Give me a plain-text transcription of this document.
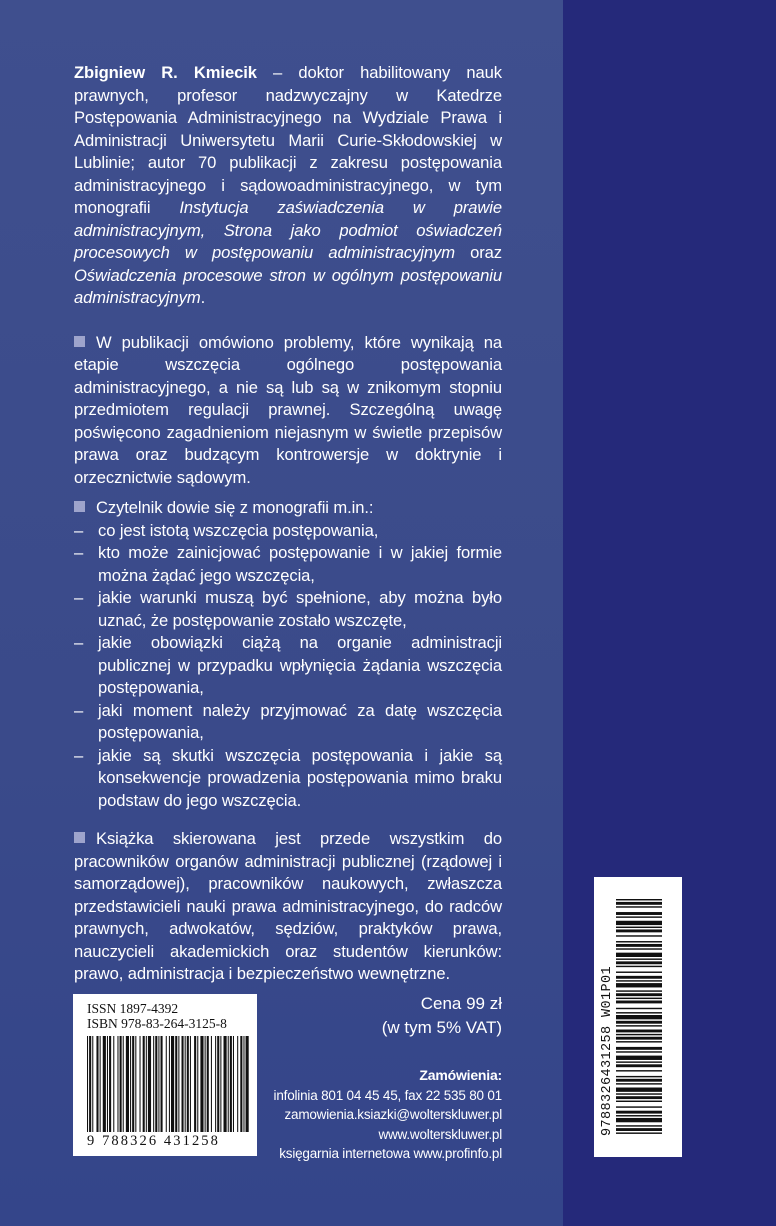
Zbigniew R. Kmiecik – doktor habilitowany nauk prawnych, profesor nadzwyczajny w Katedrze Postępowania Administracyjnego na Wydziale Prawa i Administracji Uniwersytetu Marii Curie-Skłodowskiej w Lublinie; autor 70 publikacji z zakresu postępowania administracyjnego i sądowoadministracyjnego, w tym monografii Instytucja zaświadczenia w prawie administracyjnym, Strona jako podmiot oświadczeń procesowych w postępowaniu administracyjnym oraz Oświadczenia procesowe stron w ogólnym postępowaniu administracyjnym.

W publikacji omówiono problemy, które wynikają na etapie wszczęcia ogólnego postępowania administracyjnego, a nie są lub są w znikomym stopniu przedmiotem regulacji prawnej. Szczególną uwagę poświęcono zagadnieniom niejasnym w świetle przepisów prawa oraz budzącym kontrowersje w doktrynie i orzecznictwie sądowym.

Czytelnik dowie się z monografii m.in.:

– co jest istotą wszczęcia postępowania,
– kto może zainicjować postępowanie i w jakiej formie można żądać jego wszczęcia,
– jakie warunki muszą być spełnione, aby można było uznać, że postępowanie zostało wszczęte,
– jakie obowiązki ciążą na organie administracji publicznej w przypadku wpłynięcia żądania wszczęcia postępowania,
– jaki moment należy przyjmować za datę wszczęcia postępowania,
– jakie są skutki wszczęcia postępowania i jakie są konsekwencje prowadzenia postępowania mimo braku podstaw do jego wszczęcia.

Książka skierowana jest przede wszystkim do pracowników organów administracji publicznej (rządowej i samorządowej), pracowników naukowych, zwłaszcza przedstawicieli nauki prawa administracyjnego, do radców prawnych, adwokatów, sędziów, praktyków prawa, nauczycieli akademickich oraz studentów kierunków: prawo, administracja i bezpieczeństwo wewnętrzne.

ISSN 1897-4392
ISBN 978-83-264-3125-8
9 788326 431258
Cena 99 zł
(w tym 5% VAT)
Zamówienia:
infolinia 801 04 45 45, fax 22 535 80 01
zamowienia.ksiazki@wolterskluwer.pl
www.wolterskluwer.pl
księgarnia internetowa www.profinfo.pl
9788326431258 W01P01
